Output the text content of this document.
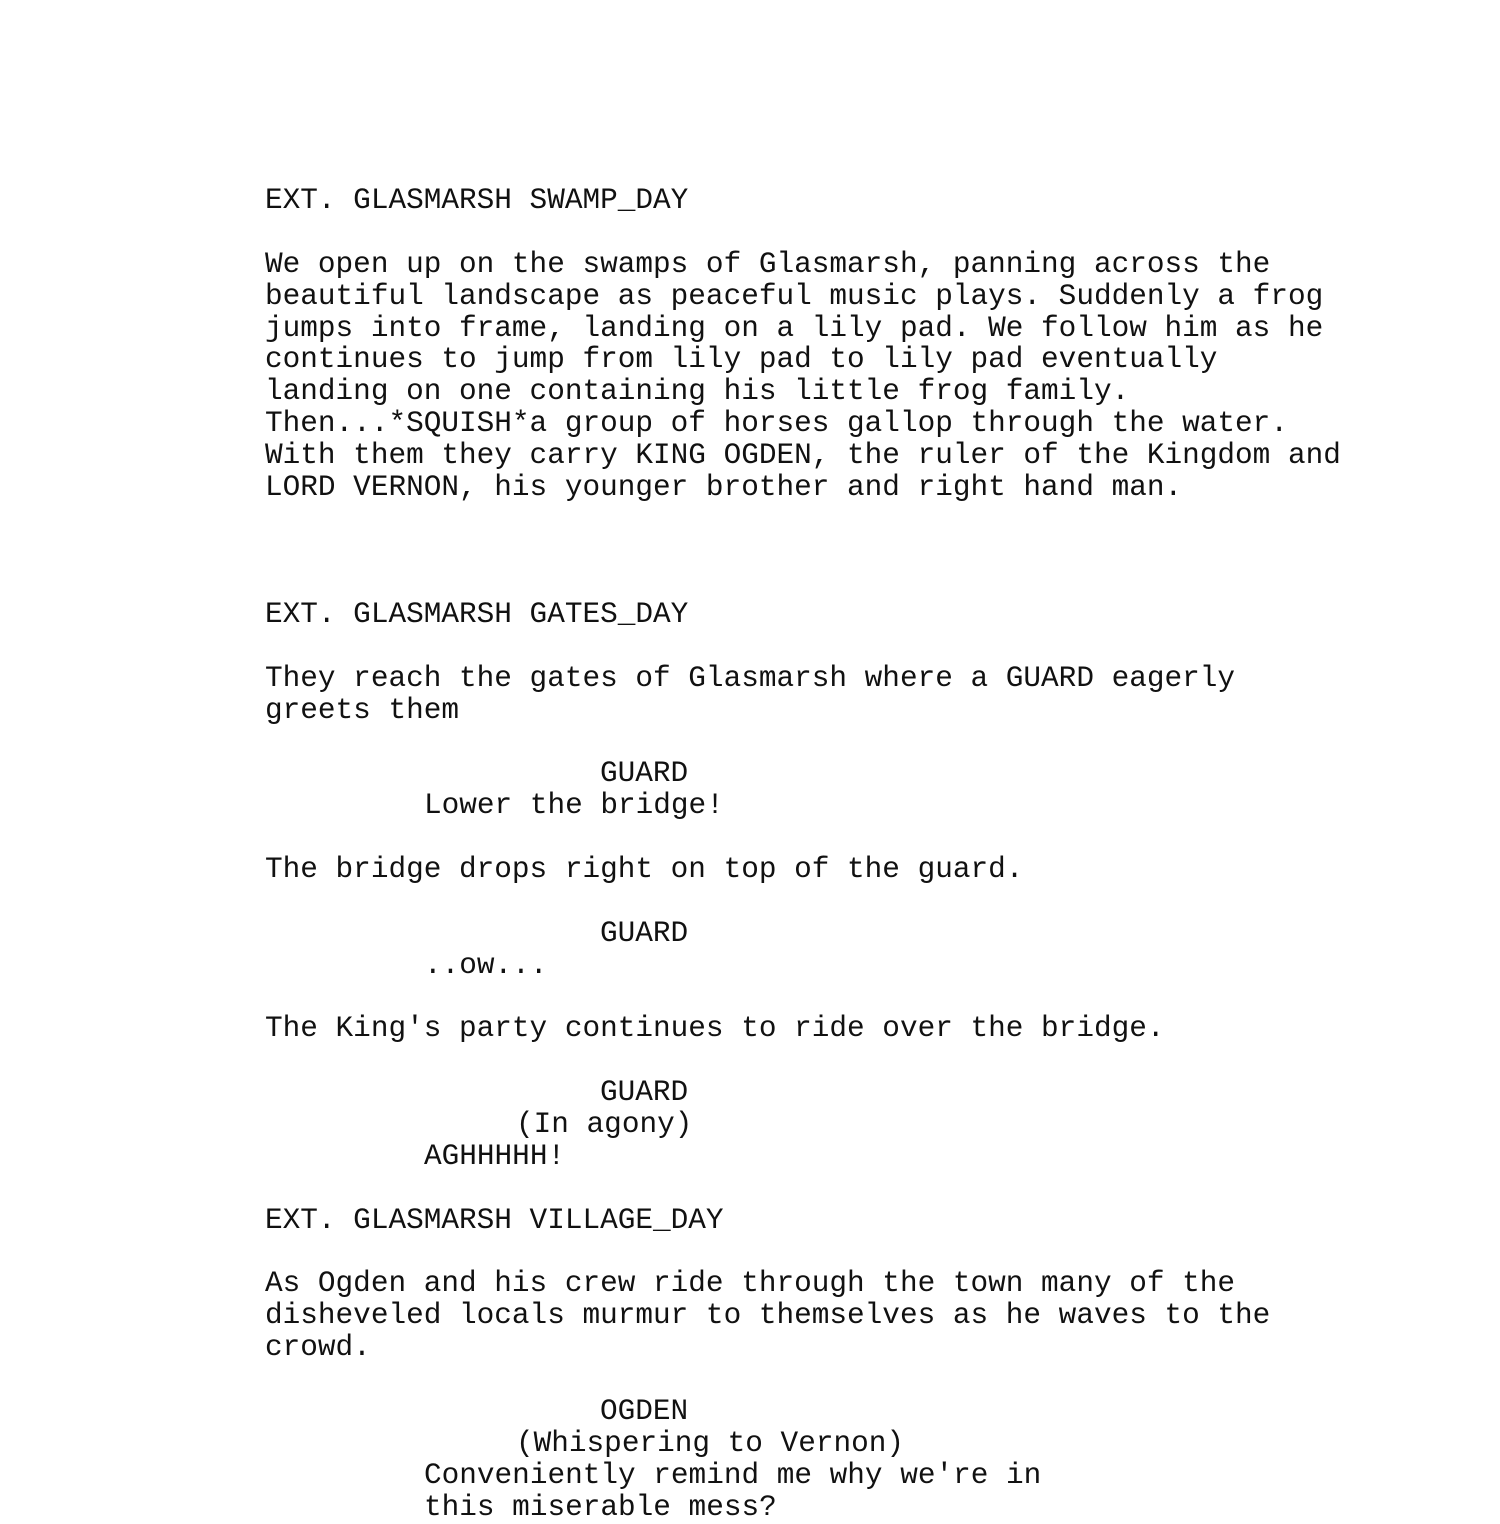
EXT. GLASMARSH SWAMP_DAY
We open up on the swamps of Glasmarsh, panning across the
beautiful landscape as peaceful music plays. Suddenly a frog
jumps into frame, landing on a lily pad. We follow him as he
continues to jump from lily pad to lily pad eventually
landing on one containing his little frog family.
Then...*SQUISH*a group of horses gallop through the water.
With them they carry KING OGDEN, the ruler of the Kingdom and
LORD VERNON, his younger brother and right hand man.
EXT. GLASMARSH GATES_DAY
They reach the gates of Glasmarsh where a GUARD eagerly
greets them
GUARD
Lower the bridge!
The bridge drops right on top of the guard.
GUARD
..ow...
The King's party continues to ride over the bridge.
GUARD
(In agony)
AGHHHHH!
EXT. GLASMARSH VILLAGE_DAY
As Ogden and his crew ride through the town many of the
disheveled locals murmur to themselves as he waves to the
crowd.
OGDEN
(Whispering to Vernon)
Conveniently remind me why we're in
this miserable mess?
